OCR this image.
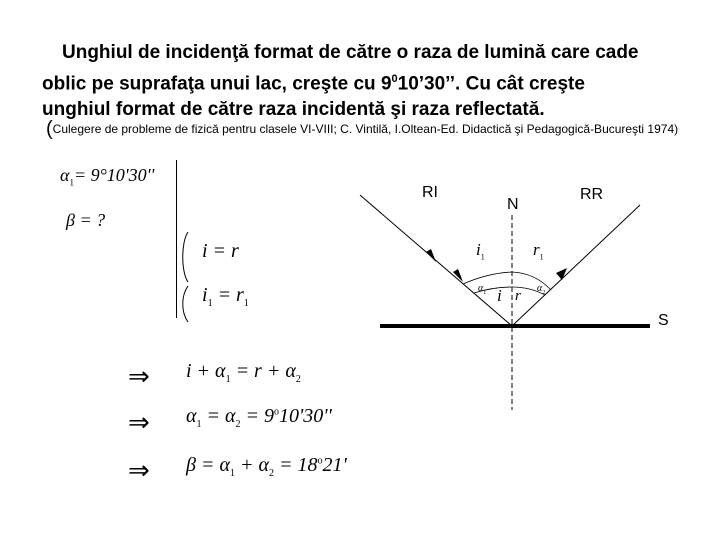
Unghiul de incidenţă format de către o raza de lumină care cade

oblic pe suprafaţa unui lac, creşte cu $9^010’30$’’. Cu cât creşte

unghiul format de către raza incidentă şi raza reflectată.

(Culegere de probleme de fizică pentru clasele VI-VIII; C. Vintilă, I.Oltean-Ed. Didactică şi Pedagogică-Bucureşti 1974)
$\alpha_1= 9^\circ 10'30''$
β = ?
i = r
$i_1 = r_1$
⇒ $i + \alpha_1 = r + \alpha_2$
⇒ $\alpha_1 = \alpha_2 = 9^o10'30''$
⇒ $\beta = \alpha_1 + \alpha_2 = 18^o21'$
RI
N
RR
S
$i_1$	$r_1$
$\alpha_1$	$\alpha_2$
i r
